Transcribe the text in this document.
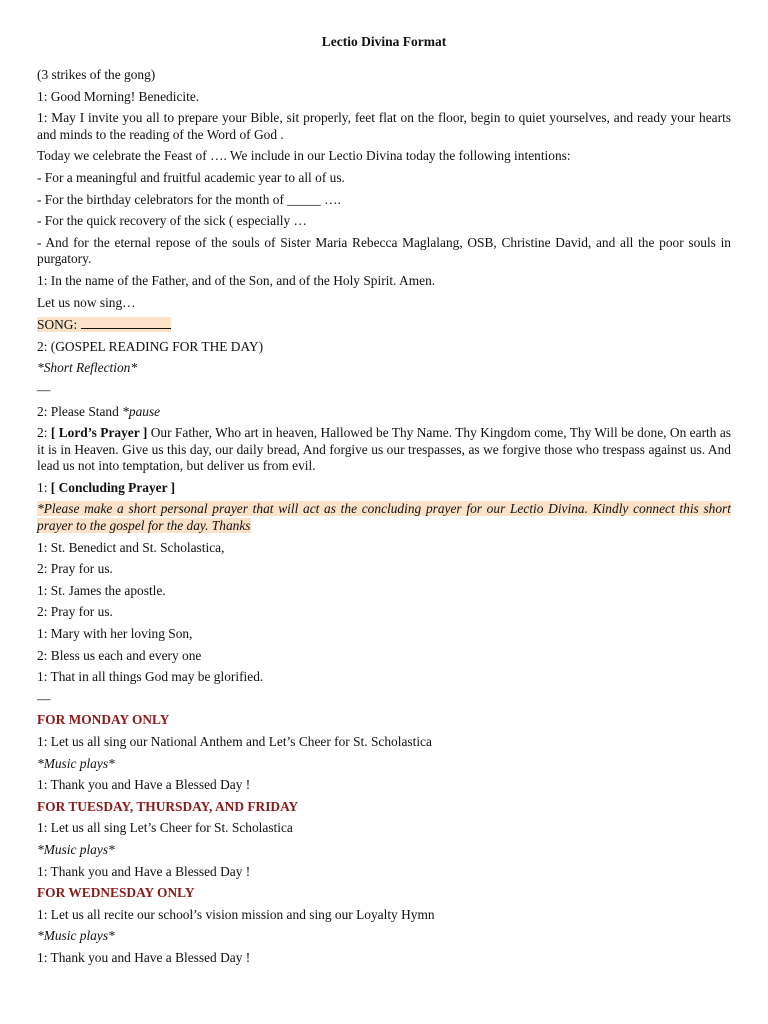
Lectio Divina Format

(3 strikes of the gong)

1: Good Morning! Benedicite.

1: May I invite you all to prepare your Bible, sit properly, feet flat on the floor, begin to quiet yourselves, and ready your hearts and minds to the reading of the Word of God .

Today we celebrate the Feast of …. We include in our Lectio Divina today the following intentions:

- For a meaningful and fruitful academic year to all of us.

- For the birthday celebrators for the month of _____ ….

- For the quick recovery of the sick ( especially …

- And for the eternal repose of the souls of Sister Maria Rebecca Maglalang, OSB, Christine David, and all the poor souls in purgatory.

1: In the name of the Father, and of the Son, and of the Holy Spirit. Amen.

Let us now sing…

SONG:

2: (GOSPEL READING FOR THE DAY)

*Short Reflection*

—

2: Please Stand *pause

2: [ Lord’s Prayer ] Our Father, Who art in heaven, Hallowed be Thy Name. Thy Kingdom come, Thy Will be done, On earth as it is in Heaven. Give us this day, our daily bread, And forgive us our trespasses, as we forgive those who trespass against us. And lead us not into temptation, but deliver us from evil.

1: [ Concluding Prayer ]

*Please make a short personal prayer that will act as the concluding prayer for our Lectio Divina. Kindly connect this short prayer to the gospel for the day. Thanks

1: St. Benedict and St. Scholastica,

2: Pray for us.

1: St. James the apostle.

2: Pray for us.

1: Mary with her loving Son,

2: Bless us each and every one

1: That in all things God may be glorified.

—

FOR MONDAY ONLY

1: Let us all sing our National Anthem and Let’s Cheer for St. Scholastica

*Music plays*

1: Thank you and Have a Blessed Day !

FOR TUESDAY, THURSDAY, AND FRIDAY

1: Let us all sing Let’s Cheer for St. Scholastica

*Music plays*

1: Thank you and Have a Blessed Day !

FOR WEDNESDAY ONLY

1: Let us all recite our school’s vision mission and sing our Loyalty Hymn

*Music plays*

1: Thank you and Have a Blessed Day !
